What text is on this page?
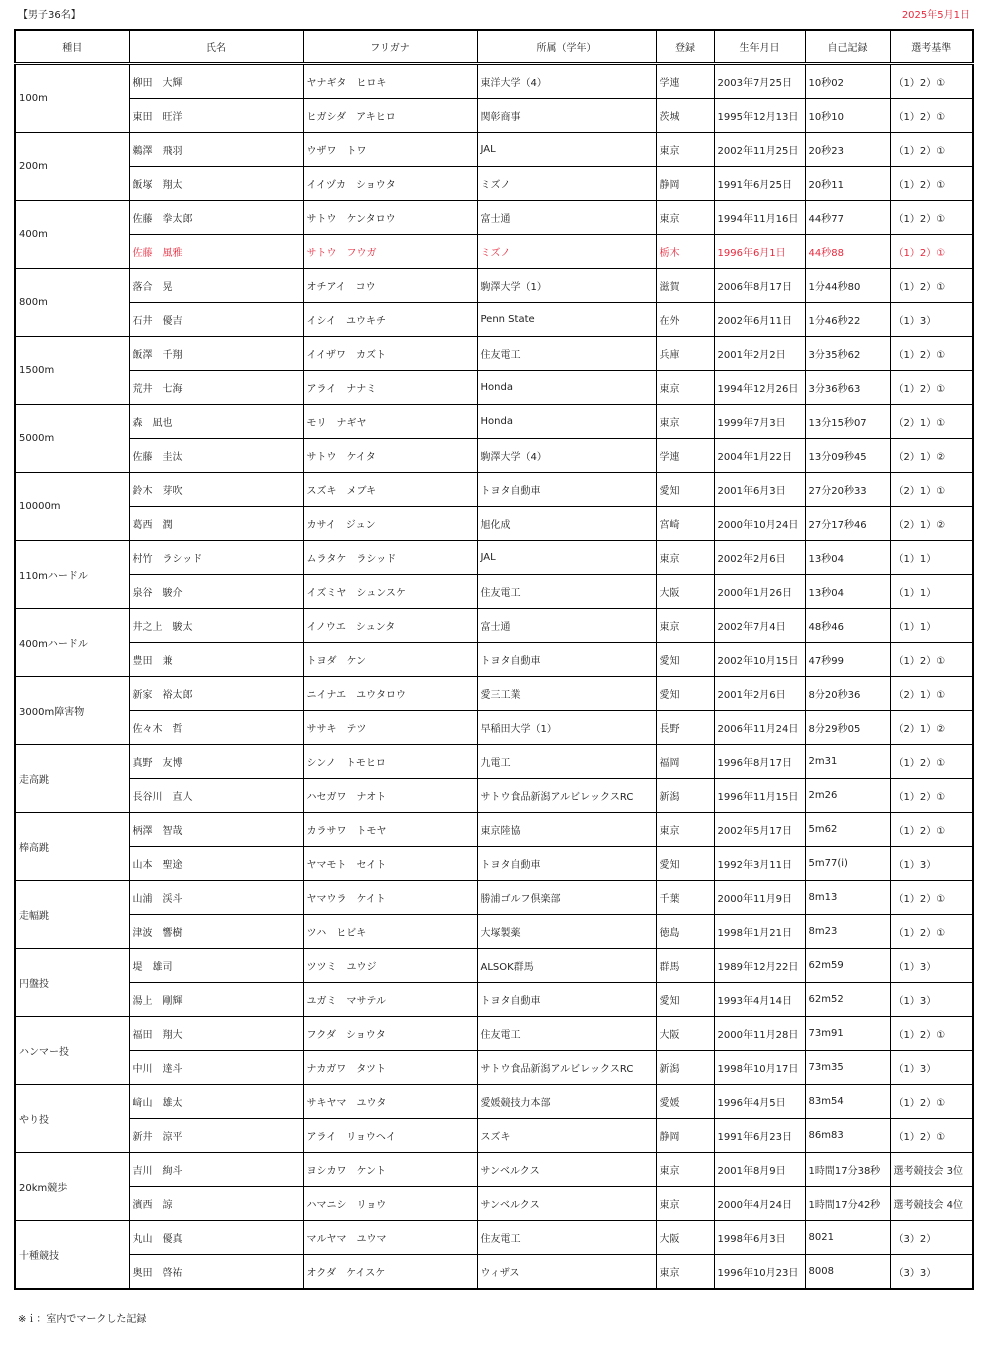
【男子36名】	2025年5月1日
種目	氏名	フリガナ	所属（学年）	登録	生年月日	自己記録	選考基準
100m	柳田　大輝	ヤナギタ　ヒロキ	東洋大学（4）	学連	2003年7月25日	10秒02	（1）2）①
	東田　旺洋	ヒガシダ　アキヒロ	関彰商事	茨城	1995年12月13日	10秒10	（1）2）①
200m	鵜澤　飛羽	ウザワ　トワ	JAL	東京	2002年11月25日	20秒23	（1）2）①
	飯塚　翔太	イイヅカ　ショウタ	ミズノ	静岡	1991年6月25日	20秒11	（1）2）①
400m	佐藤　拳太郎	サトウ　ケンタロウ	富士通	東京	1994年11月16日	44秒77	（1）2）①
	佐藤　風雅	サトウ　フウガ	ミズノ	栃木	1996年6月1日	44秒88	（1）2）①
800m	落合　晃	オチアイ　コウ	駒澤大学（1）	滋賀	2006年8月17日	1分44秒80	（1）2）①
	石井　優吉	イシイ　ユウキチ	Penn State	在外	2002年6月11日	1分46秒22	（1）3）
1500m	飯澤　千翔	イイザワ　カズト	住友電工	兵庫	2001年2月2日	3分35秒62	（1）2）①
	荒井　七海	アライ　ナナミ	Honda	東京	1994年12月26日	3分36秒63	（1）2）①
5000m	森　凪也	モリ　ナギヤ	Honda	東京	1999年7月3日	13分15秒07	（2）1）①
	佐藤　圭汰	サトウ　ケイタ	駒澤大学（4）	学連	2004年1月22日	13分09秒45	（2）1）②
10000m	鈴木　芽吹	スズキ　メブキ	トヨタ自動車	愛知	2001年6月3日	27分20秒33	（2）1）①
	葛西　潤	カサイ　ジュン	旭化成	宮崎	2000年10月24日	27分17秒46	（2）1）②
110mハードル	村竹　ラシッド	ムラタケ　ラシッド	JAL	東京	2002年2月6日	13秒04	（1）1）
	泉谷　駿介	イズミヤ　シュンスケ	住友電工	大阪	2000年1月26日	13秒04	（1）1）
400mハードル	井之上　駿太	イノウエ　シュンタ	富士通	東京	2002年7月4日	48秒46	（1）1）
	豊田　兼	トヨダ　ケン	トヨタ自動車	愛知	2002年10月15日	47秒99	（1）2）①
3000m障害物	新家　裕太郎	ニイナエ　ユウタロウ	愛三工業	愛知	2001年2月6日	8分20秒36	（2）1）①
	佐々木　哲	ササキ　テツ	早稲田大学（1）	長野	2006年11月24日	8分29秒05	（2）1）②
走高跳	真野　友博	シンノ　トモヒロ	九電工	福岡	1996年8月17日	2m31	（1）2）①
	長谷川　直人	ハセガワ　ナオト	サトウ食品新潟アルビレックスRC	新潟	1996年11月15日	2m26	（1）2）①
棒高跳	柄澤　智哉	カラサワ　トモヤ	東京陸協	東京	2002年5月17日	5m62	（1）2）①
	山本　聖途	ヤマモト　セイト	トヨタ自動車	愛知	1992年3月11日	5m77(i)	（1）3）
走幅跳	山浦　渓斗	ヤマウラ　ケイト	勝浦ゴルフ倶楽部	千葉	2000年11月9日	8m13	（1）2）①
	津波　響樹	ツハ　ヒビキ	大塚製薬	徳島	1998年1月21日	8m23	（1）2）①
円盤投	堤　雄司	ツツミ　ユウジ	ALSOK群馬	群馬	1989年12月22日	62m59	（1）3）
	湯上　剛輝	ユガミ　マサテル	トヨタ自動車	愛知	1993年4月14日	62m52	（1）3）
ハンマー投	福田　翔大	フクダ　ショウタ	住友電工	大阪	2000年11月28日	73m91	（1）2）①
	中川　達斗	ナカガワ　タツト	サトウ食品新潟アルビレックスRC	新潟	1998年10月17日	73m35	（1）3）
やり投	﨑山　雄太	サキヤマ　ユウタ	愛媛競技力本部	愛媛	1996年4月5日	83m54	（1）2）①
	新井　涼平	アライ　リョウヘイ	スズキ	静岡	1991年6月23日	86m83	（1）2）①
20km競歩	吉川　絢斗	ヨシカワ　ケント	サンベルクス	東京	2001年8月9日	1時間17分38秒	選考競技会 3位
	濱西　諒	ハマニシ　リョウ	サンベルクス	東京	2000年4月24日	1時間17分42秒	選考競技会 4位
十種競技	丸山　優真	マルヤマ　ユウマ	住友電工	大阪	1998年6月3日	8021	（3）2）
	奥田　啓祐	オクダ　ケイスケ	ウィザス	東京	1996年10月23日	8008	（3）3）
※ｉ：室内でマークした記録
